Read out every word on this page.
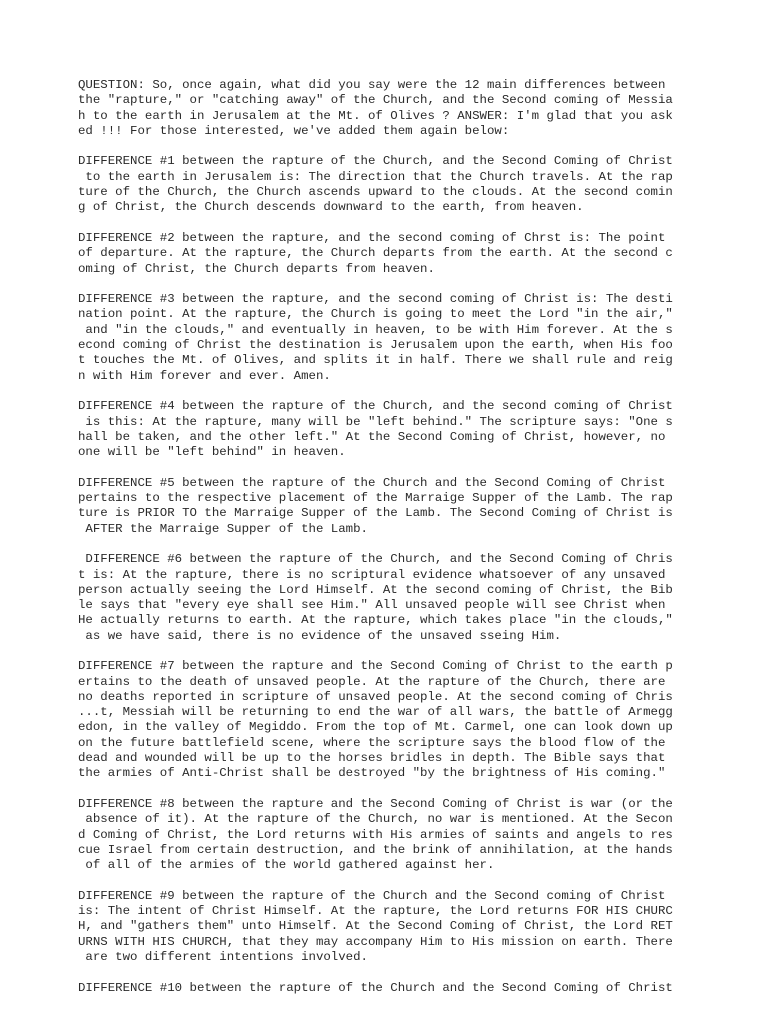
QUESTION: So, once again, what did you say were the 12 main differences between
the "rapture," or "catching away" of the Church, and the Second coming of Messia
h to the earth in Jerusalem at the Mt. of Olives ? ANSWER: I'm glad that you ask
ed !!! For those interested, we've added them again below:
DIFFERENCE #1 between the rapture of the Church, and the Second Coming of Christ
to the earth in Jerusalem is: The direction that the Church travels. At the rap
ture of the Church, the Church ascends upward to the clouds. At the second comin
g of Christ, the Church descends downward to the earth, from heaven.
DIFFERENCE #2 between the rapture, and the second coming of Chrst is: The point
of departure. At the rapture, the Church departs from the earth. At the second c
oming of Christ, the Church departs from heaven.
DIFFERENCE #3 between the rapture, and the second coming of Christ is: The desti
nation point. At the rapture, the Church is going to meet the Lord "in the air,"
and "in the clouds," and eventually in heaven, to be with Him forever. At the s
econd coming of Christ the destination is Jerusalem upon the earth, when His foo
t touches the Mt. of Olives, and splits it in half. There we shall rule and reig
n with Him forever and ever. Amen.
DIFFERENCE #4 between the rapture of the Church, and the second coming of Christ
is this: At the rapture, many will be "left behind." The scripture says: "One s
hall be taken, and the other left." At the Second Coming of Christ, however, no
one will be "left behind" in heaven.
DIFFERENCE #5 between the rapture of the Church and the Second Coming of Christ
pertains to the respective placement of the Marraige Supper of the Lamb. The rap
ture is PRIOR TO the Marraige Supper of the Lamb. The Second Coming of Christ is
AFTER the Marraige Supper of the Lamb.
DIFFERENCE #6 between the rapture of the Church, and the Second Coming of Chris
t is: At the rapture, there is no scriptural evidence whatsoever of any unsaved
person actually seeing the Lord Himself. At the second coming of Christ, the Bib
le says that "every eye shall see Him." All unsaved people will see Christ when
He actually returns to earth. At the rapture, which takes place "in the clouds,"
as we have said, there is no evidence of the unsaved sseing Him.
DIFFERENCE #7 between the rapture and the Second Coming of Christ to the earth p
ertains to the death of unsaved people. At the rapture of the Church, there are
no deaths reported in scripture of unsaved people. At the second coming of Chris
...t, Messiah will be returning to end the war of all wars, the battle of Armegg
edon, in the valley of Megiddo. From the top of Mt. Carmel, one can look down up
on the future battlefield scene, where the scripture says the blood flow of the
dead and wounded will be up to the horses bridles in depth. The Bible says that
the armies of Anti-Christ shall be destroyed "by the brightness of His coming."
DIFFERENCE #8 between the rapture and the Second Coming of Christ is war (or the
absence of it). At the rapture of the Church, no war is mentioned. At the Secon
d Coming of Christ, the Lord returns with His armies of saints and angels to res
cue Israel from certain destruction, and the brink of annihilation, at the hands
of all of the armies of the world gathered against her.
DIFFERENCE #9 between the rapture of the Church and the Second coming of Christ
is: The intent of Christ Himself. At the rapture, the Lord returns FOR HIS CHURC
H, and "gathers them" unto Himself. At the Second Coming of Christ, the Lord RET
URNS WITH HIS CHURCH, that they may accompany Him to His mission on earth. There
are two different intentions involved.
DIFFERENCE #10 between the rapture of the Church and the Second Coming of Christ
